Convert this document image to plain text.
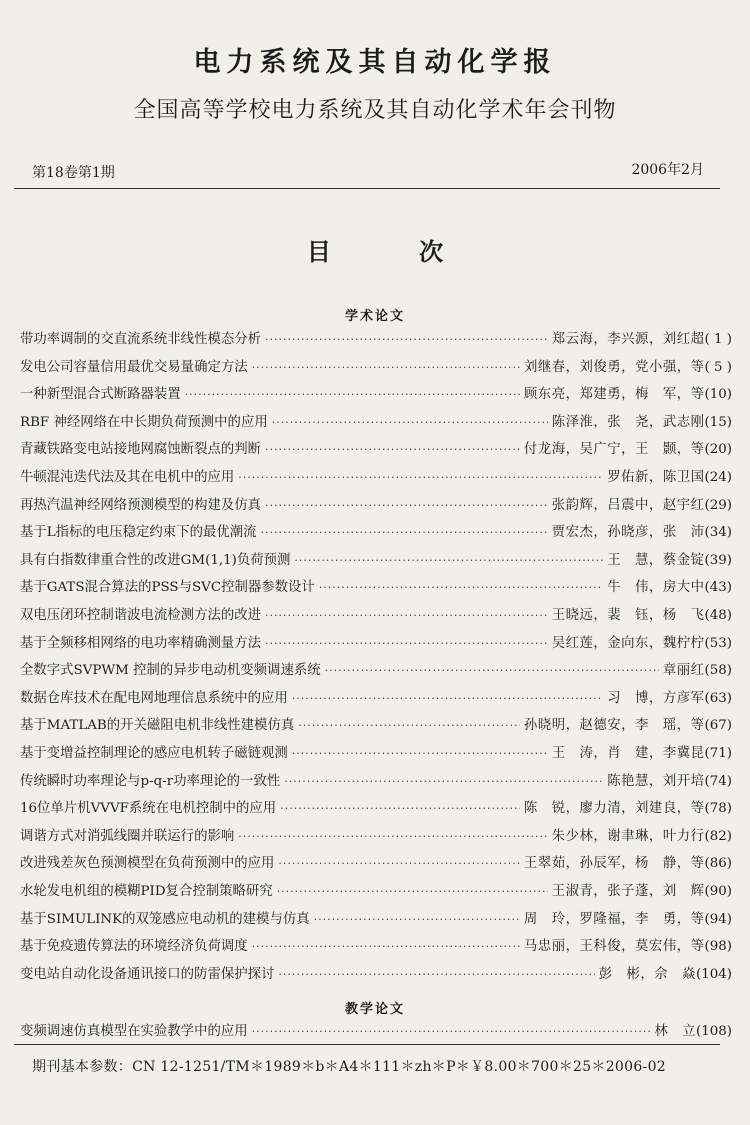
电力系统及其自动化学报
全国高等学校电力系统及其自动化学术年会刊物
第18卷第1期	2006年2月
目 次
学术论文
带功率调制的交直流系统非线性模态分析 ·····	郑云海，李兴源，刘红超 ( 1 )
发电公司容量信用最优交易量确定方法 ·····	刘继春，刘俊勇，党小强，等 ( 5 )
一种新型混合式断路器装置 ·····	顾东亮，郑建勇，梅　军，等 (10)
RBF 神经网络在中长期负荷预测中的应用 ·····	陈泽淮，张　尧，武志刚 (15)
青藏铁路变电站接地网腐蚀断裂点的判断 ·····	付龙海，吴广宁，王　颢，等 (20)
牛顿混沌迭代法及其在电机中的应用 ·····	罗佑新，陈卫国 (24)
再热汽温神经网络预测模型的构建及仿真 ·····	张韵辉，吕震中，赵宇红 (29)
基于L指标的电压稳定约束下的最优潮流 ·····	贾宏杰，孙晓彦，张　沛 (34)
具有白指数律重合性的改进GM(1,1)负荷预测 ·····	王　慧，蔡金锭 (39)
基于GATS混合算法的PSS与SVC控制器参数设计 ·····	牛　伟，房大中 (43)
双电压闭环控制谐波电流检测方法的改进 ·····	王晓远，裴　钰，杨　飞 (48)
基于全频移相网络的电功率精确测量方法 ·····	吴红莲，金向东，魏柠柠 (53)
全数字式SVPWM 控制的异步电动机变频调速系统 ·····	章丽红 (58)
数据仓库技术在配电网地理信息系统中的应用 ·····	习　博，方彦军 (63)
基于MATLAB的开关磁阻电机非线性建模仿真 ·····	孙晓明，赵德安，李　瑶，等 (67)
基于变增益控制理论的感应电机转子磁链观测 ·····	王　涛，肖　建，李冀昆 (71)
传统瞬时功率理论与p-q-r功率理论的一致性 ·····	陈艳慧，刘开培 (74)
16位单片机VVVF系统在电机控制中的应用 ·····	陈　锐，廖力清，刘建良，等 (78)
调谐方式对消弧线圈并联运行的影响 ·····	朱少林，谢聿琳，叶力行 (82)
改进残差灰色预测模型在负荷预测中的应用 ·····	王翠茹，孙辰军，杨　静，等 (86)
水轮发电机组的模糊PID复合控制策略研究 ·····	王淑青，张子蓬，刘　辉 (90)
基于SIMULINK的双笼感应电动机的建模与仿真 ·····	周　玲，罗隆福，李　勇，等 (94)
基于免疫遗传算法的环境经济负荷调度 ·····	马忠丽，王科俊，莫宏伟，等 (98)
变电站自动化设备通讯接口的防雷保护探讨 ·····	彭　彬，佘　焱 (104)
教学论文
变频调速仿真模型在实验教学中的应用 ·····	林　立 (108)
期刊基本参数：CN 12-1251/TM＊1989＊b＊A4＊111＊zh＊P＊￥8.00＊700＊25＊2006-02
